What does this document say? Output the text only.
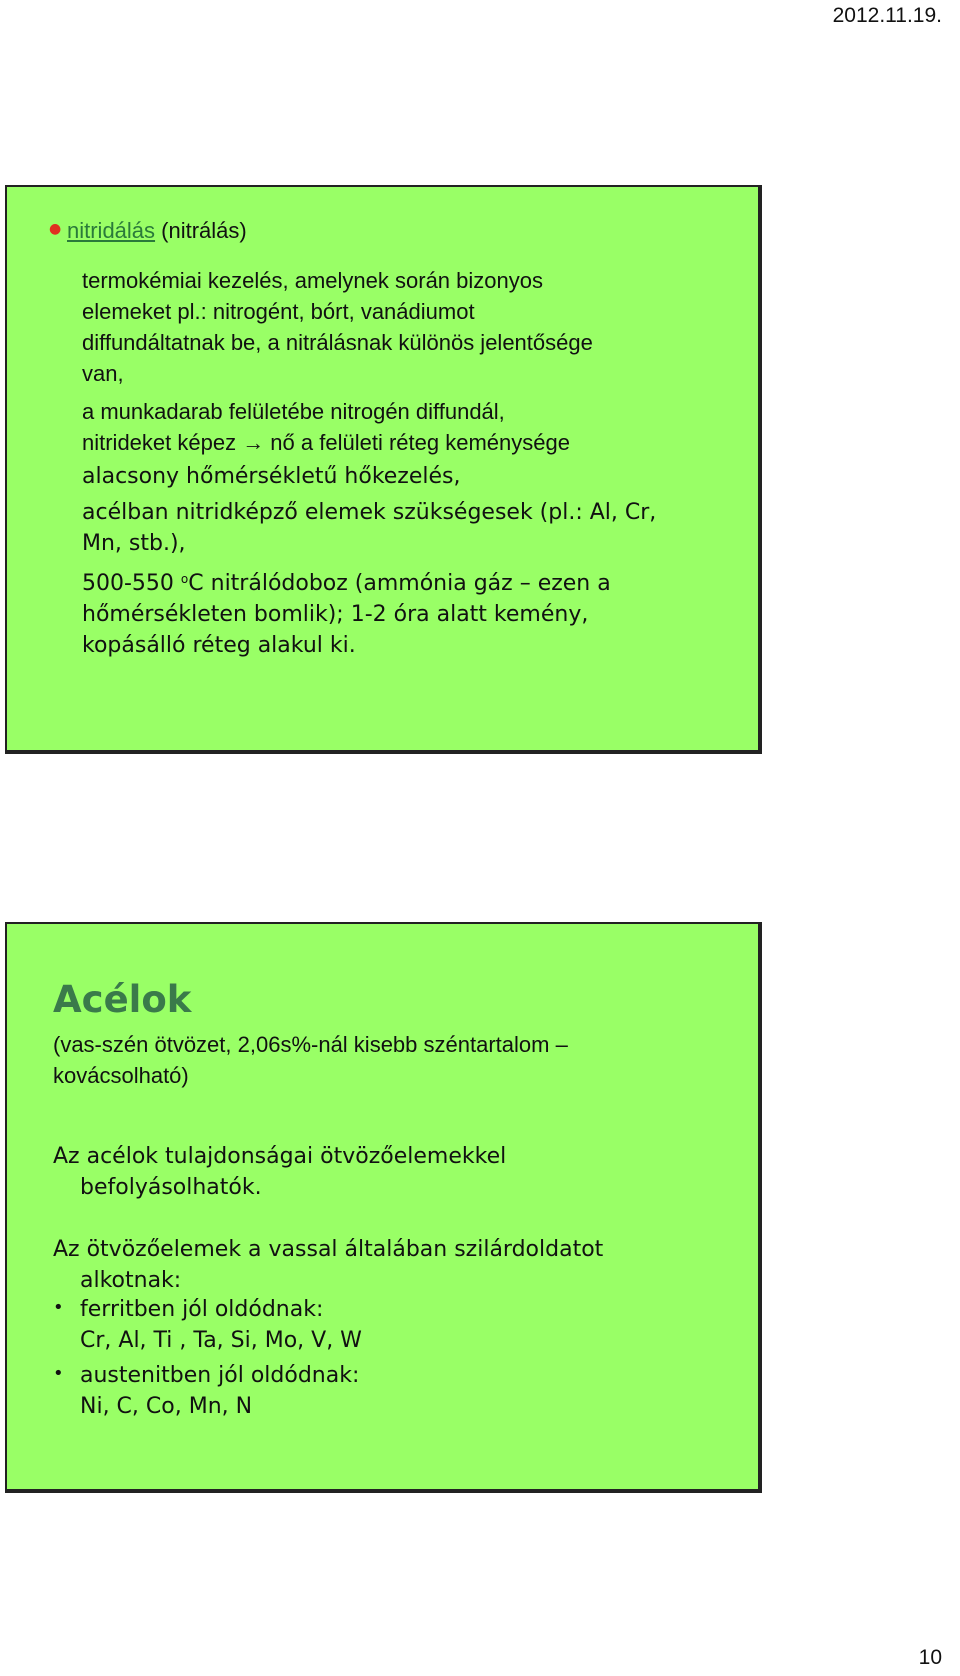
2012.11.19.
● nitridálás (nitrálás)
termokémiai kezelés, amelynek során bizonyos
elemeket pl.: nitrogént, bórt, vanádiumot
diffundáltatnak be, a nitrálásnak különös jelentősége
van,
a munkadarab felületébe nitrogén diffundál,
nitrideket képez → nő a felületi réteg keménysége
alacsony hőmérsékletű hőkezelés,
acélban nitridképző elemek szükségesek (pl.: Al, Cr,
Mn, stb.),
500-550 $^o$C nitrálódoboz (ammónia gáz – ezen a
hőmérsékleten bomlik); 1-2 óra alatt kemény,
kopásálló réteg alakul ki.
Acélok
(vas-szén ötvözet, 2,06s%-nál kisebb széntartalom –
kovácsolható)
Az acélok tulajdonságai ötvözőelemekkel
befolyásolhatók.
Az ötvözőelemek a vassal általában szilárdoldatot
alkotnak:
• ferritben jól oldódnak:
Cr, Al, Ti , Ta, Si, Mo, V, W
• austenitben jól oldódnak:
Ni, C, Co, Mn, N
10
